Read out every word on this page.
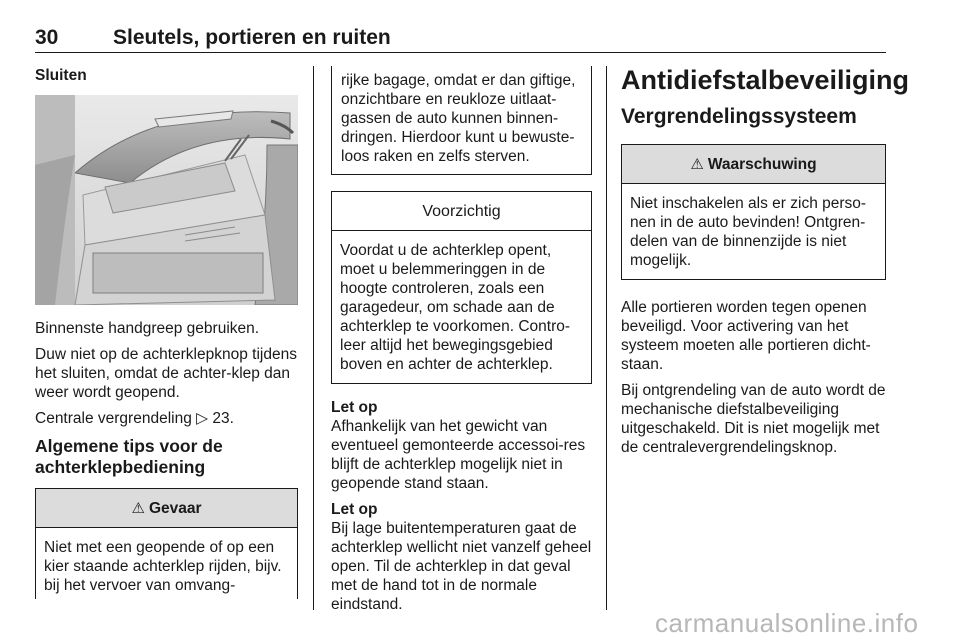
30	Sleutels, portieren en ruiten
Sluiten

Binnenste handgreep gebruiken.

Duw niet op de achterklepknop tijdens het sluiten, omdat de achter-klep dan weer wordt geopend.

Centrale vergrendeling ▷ 23.

Algemene tips voor de achterklepbediening
⚠ Gevaar
Niet met een geopende of op een kier staande achterklep rijden, bijv. bij het vervoer van omvang-
rijke bagage, omdat er dan giftige, onzichtbare en reukloze uitlaat-gassen de auto kunnen binnen-dringen. Hierdoor kunt u bewuste-loos raken en zelfs sterven.
Voorzichtig
Voordat u de achterklep opent, moet u belemmeringgen in de hoogte controleren, zoals een garagedeur, om schade aan de achterklep te voorkomen. Contro-leer altijd het bewegingsgebied boven en achter de achterklep.
Let op

Afhankelijk van het gewicht van eventueel gemonteerde accessoi-res blijft de achterklep mogelijk niet in geopende stand staan.

Let op

Bij lage buitentemperaturen gaat de achterklep wellicht niet vanzelf geheel open. Til de achterklep in dat geval met de hand tot in de normale eindstand.

Antidiefstalbeveiliging
Vergrendelingssysteem
⚠ Waarschuwing
Niet inschakelen als er zich perso-nen in de auto bevinden! Ontgren-delen van de binnenzijde is niet mogelijk.

Alle portieren worden tegen openen beveiligd. Voor activering van het systeem moeten alle portieren dicht-staan.

Bij ontgrendeling van de auto wordt de mechanische diefstalbeveiliging uitgeschakeld. Dit is niet mogelijk met de centralevergrendelingsknop.

carmanualsonline.info
